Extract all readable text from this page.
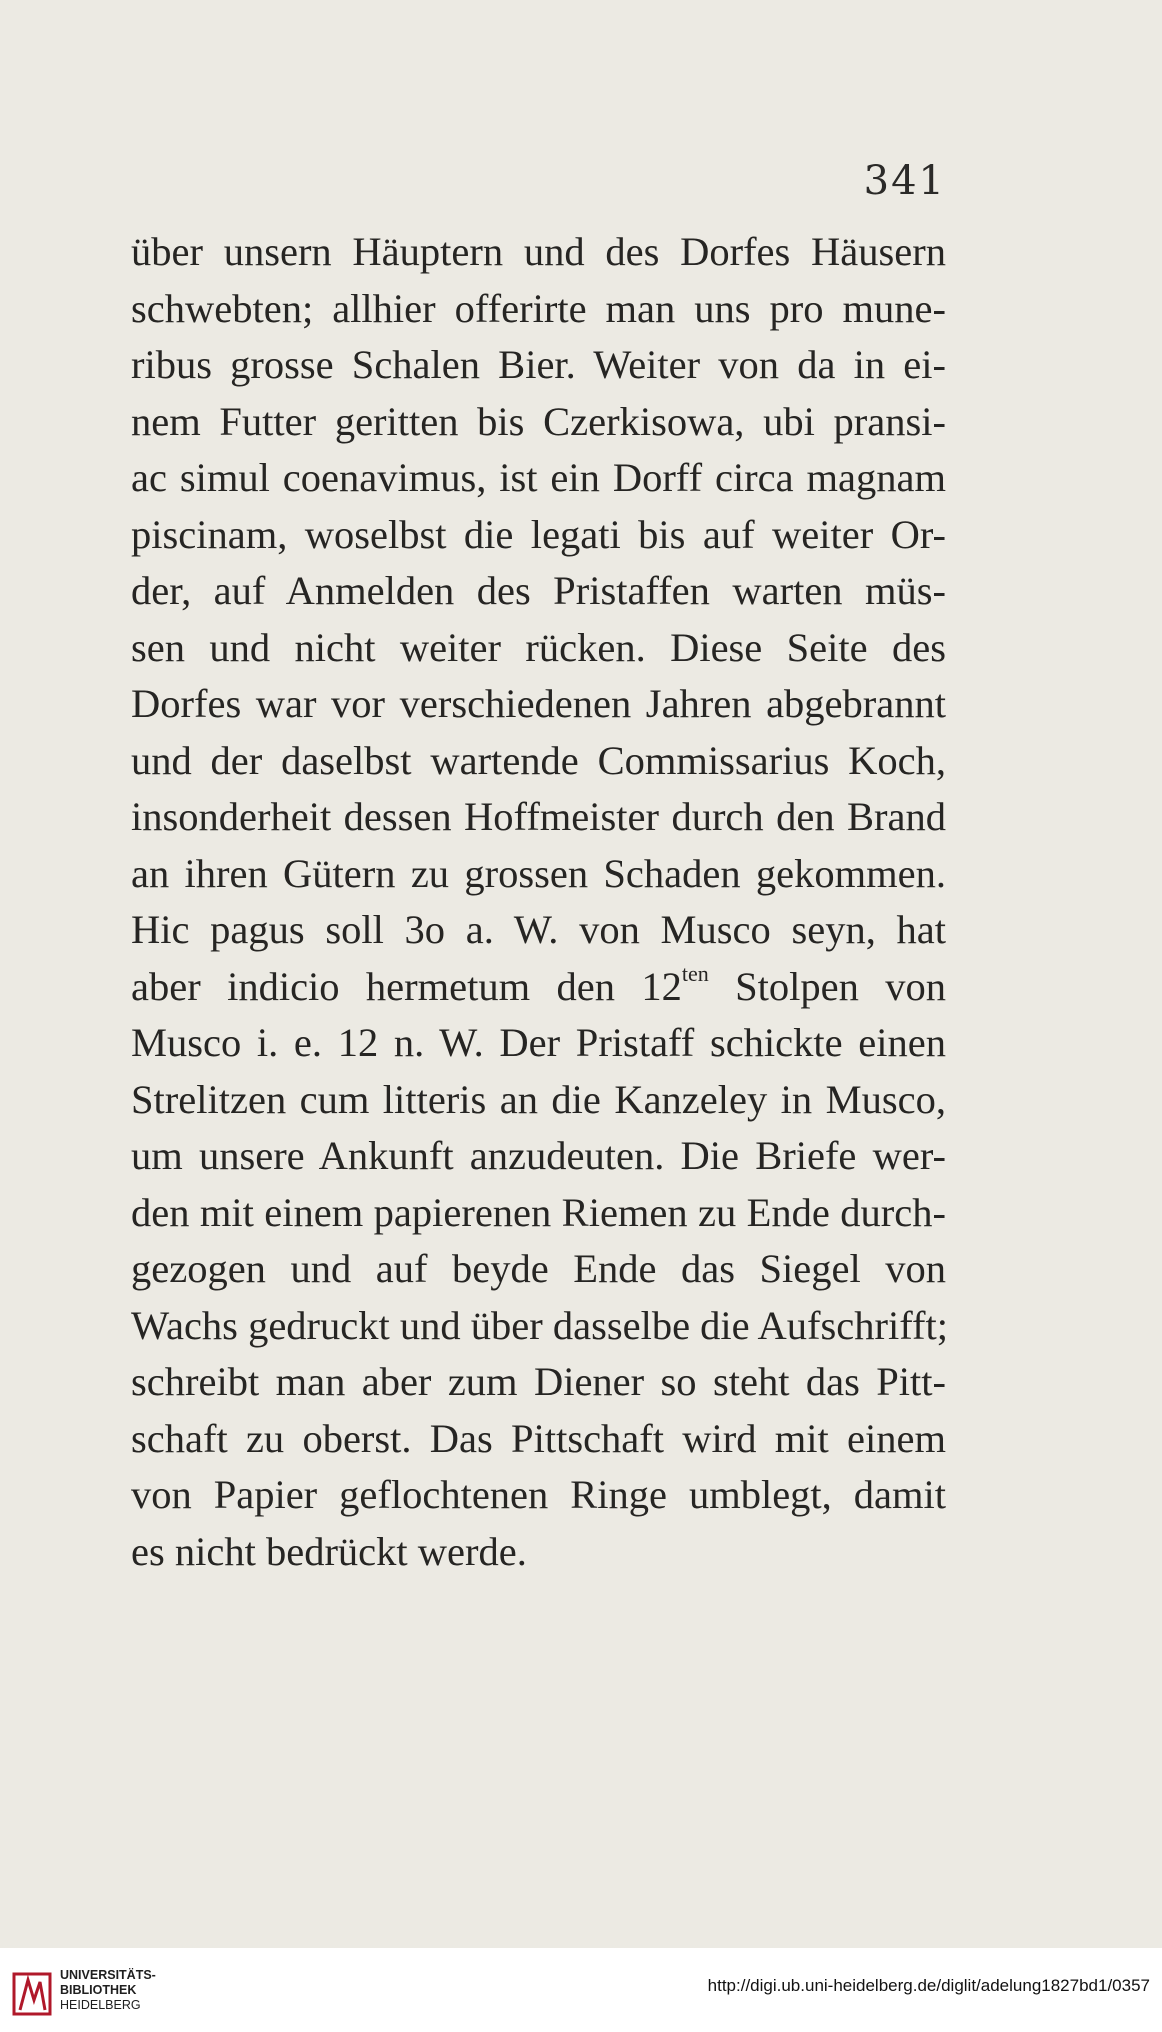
341
über unsern Häuptern und des Dorfes Häusern
schwebten; allhier offerirte man uns pro mune-
ribus grosse Schalen Bier. Weiter von da in ei-
nem Futter geritten bis Czerkisowa, ubi pransi-
ac simul coenavimus, ist ein Dorff circa magnam
piscinam, woselbst die legati bis auf weiter Or-
der, auf Anmelden des Pristaffen warten müs-
sen und nicht weiter rücken. Diese Seite des
Dorfes war vor verschiedenen Jahren abgebrannt
und der daselbst wartende Commissarius Koch,
insonderheit dessen Hoffmeister durch den Brand
an ihren Gütern zu grossen Schaden gekommen.
Hic pagus soll 3o a. W. von Musco seyn, hat
aber indicio hermetum den $12^{ten}$ Stolpen von
Musco i. e. 12 n. W. Der Pristaff schickte einen
Strelitzen cum litteris an die Kanzeley in Musco,
um unsere Ankunft anzudeuten. Die Briefe wer-
den mit einem papierenen Riemen zu Ende durch-
gezogen und auf beyde Ende das Siegel von
Wachs gedruckt und über dasselbe die Aufschrifft;
schreibt man aber zum Diener so steht das Pitt-
schaft zu oberst. Das Pittschaft wird mit einem
von Papier geflochtenen Ringe umblegt, damit
es nicht bedrückt werde.
UNIVERSITÄTS-
BIBLIOTHEK
HEIDELBERG
http://digi.ub.uni-heidelberg.de/diglit/adelung1827bd1/0357
